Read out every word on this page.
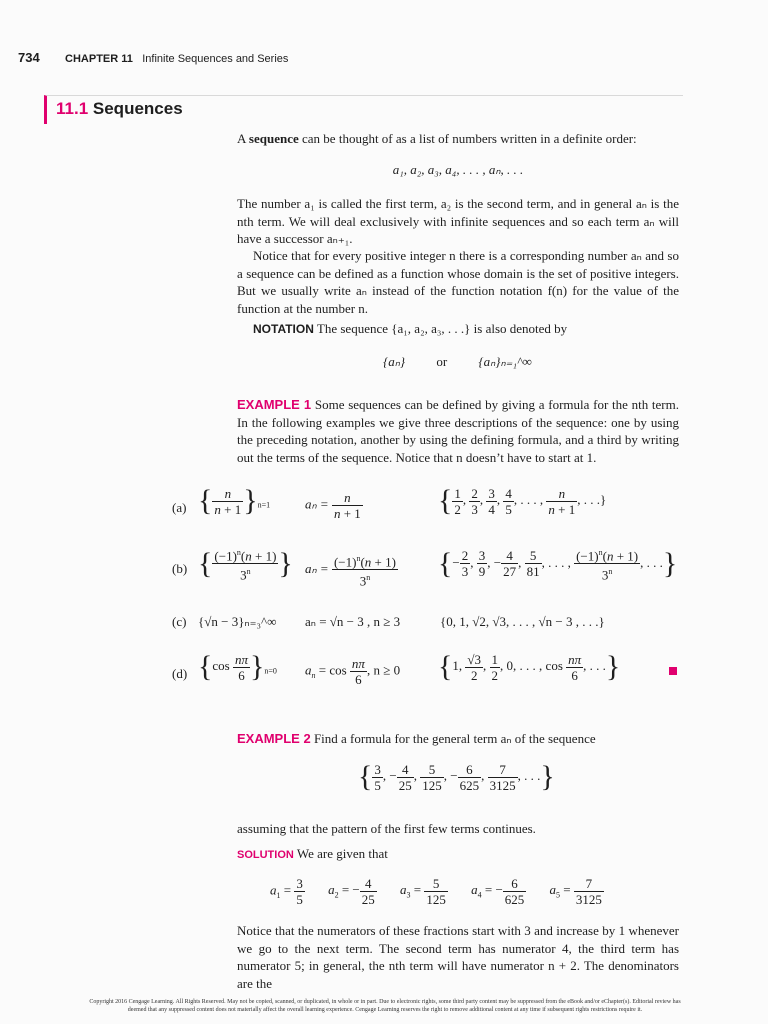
734 CHAPTER 11 Infinite Sequences and Series
11.1 Sequences
A sequence can be thought of as a list of numbers written in a definite order:
a₁, a₂, a₃, a₄, . . . , aₙ, . . .
The number a₁ is called the first term, a₂ is the second term, and in general aₙ is the nth term. We will deal exclusively with infinite sequences and so each term aₙ will have a successor aₙ₊₁.
Notice that for every positive integer n there is a corresponding number aₙ and so a sequence can be defined as a function whose domain is the set of positive integers. But we usually write aₙ instead of the function notation f(n) for the value of the function at the number n.
NOTATION The sequence {a₁, a₂, a₃, . . .} is also denoted by
{aₙ} or {aₙ}ₙ₌₁^∞
EXAMPLE 1 Some sequences can be defined by giving a formula for the nth term. In the following examples we give three descriptions of the sequence: one by using the preceding notation, another by using the defining formula, and a third by writing out the terms of the sequence. Notice that n doesn’t have to start at 1.
(a) { $\frac{n}{n + 1} \}_{n=1}$	$a_n = \frac{n}{n + 1}$	{ $\frac{1}{2}$ , $\frac{2}{3}$ , $\frac{3}{4}$ , $\frac{4}{5}$ , . . . , $\frac{n}{n + 1}$ , . . .}
(b) { $\frac{(-1)^n(n + 1)}{3^n}$ } $a_n = \frac{(-1)^n(n + 1)}{3^n}$ {− $\frac{2}{3}$ , $\frac{3}{9}$ , − $\frac{4}{27}$ , $\frac{5}{81}$ , . . . , $\frac{(-1)^n(n + 1)}{3^n}$ , . . .}
(c) {√n − 3}ₙ₌₃^∞ aₙ = √n − 3 , n ≥ 3	{0, 1, √2, √3, . . . , √n − 3 , . . .}
(d) $\{\cos \frac{n\pi}{6} \}_{n=0}$ $a_n = \cos \frac{n\pi}{6}$ , n ≥ 0 {1, $\frac{√3}{2}$ , $\frac{1}{2}$ , 0, . . . , $\cos \frac{n\pi}{6}$ , . . .}
EXAMPLE 2 Find a formula for the general term aₙ of the sequence
{ $\frac{3}{5}$ , − $\frac{4}{25}$ , $\frac{5}{125}$ , − $\frac{6}{625}$ , $\frac{7}{3125}$ , . . .}
assuming that the pattern of the first few terms continues.
SOLUTION We are given that
$a_1 = \frac{3}{5} a_2$ = − $\frac{4}{25} a_3 = \frac{5}{125} a_4$ = − $\frac{6}{625} a_5 = \frac{7}{3125}$
Notice that the numerators of these fractions start with 3 and increase by 1 whenever we go to the next term. The second term has numerator 4, the third term has numerator 5; in general, the nth term will have numerator n + 2. The denominators are the
Copyright 2016 Cengage Learning. All Rights Reserved. May not be copied, scanned, or duplicated, in whole or in part. Due to electronic rights, some third party content may be suppressed from the eBook and/or eChapter(s). Editorial review has deemed that any suppressed content does not materially affect the overall learning experience. Cengage Learning reserves the right to remove additional content at any time if subsequent rights restrictions require it.
